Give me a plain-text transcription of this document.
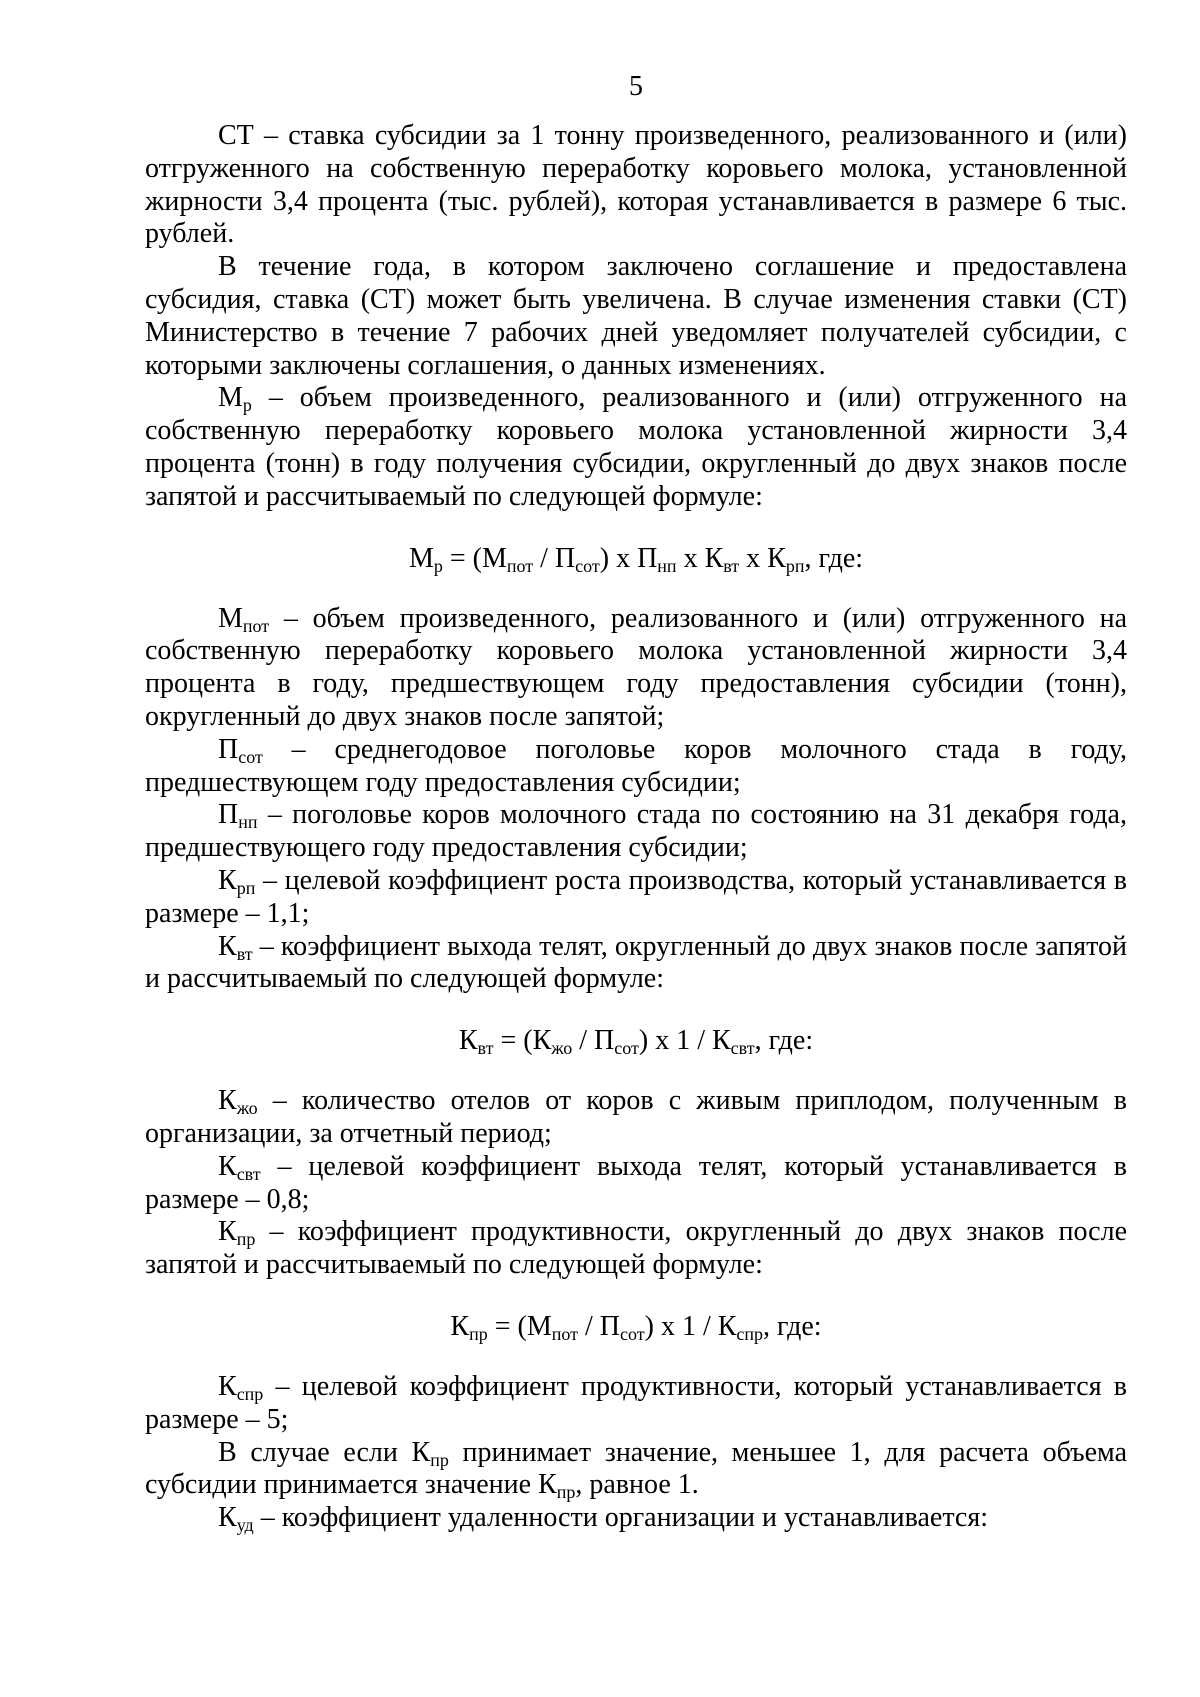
5

СТ – ставка субсидии за 1 тонну произведенного, реализованного и (или) отгруженного на собственную переработку коровьего молока, установленной жирности 3,4 процента (тыс. рублей), которая устанавливается в размере 6 тыс. рублей.

В течение года, в котором заключено соглашение и предоставлена субсидия, ставка (СТ) может быть увеличена. В случае изменения ставки (СТ) Министерство в течение 7 рабочих дней уведомляет получателей субсидии, с которыми заключены соглашения, о данных изменениях.

$М_р$ – объем произведенного, реализованного и (или) отгруженного на собственную переработку коровьего молока установленной жирности 3,4 процента (тонн) в году получения субсидии, округленный до двух знаков после запятой и рассчитываемый по следующей формуле:

$М_р = (М_{пот} / П_{сот})$ х $П_{нп}$ х $К_{вт}$ х $К_{рп}$, где:

$М_{пот}$ – объем произведенного, реализованного и (или) отгруженного на собственную переработку коровьего молока установленной жирности 3,4 процента в году, предшествующем году предоставления субсидии (тонн), округленный до двух знаков после запятой;

$П_{сот}$ – среднегодовое поголовье коров молочного стада в году, предшествующем году предоставления субсидии;

$П_{нп}$ – поголовье коров молочного стада по состоянию на 31 декабря года, предшествующего году предоставления субсидии;

$К_{рп}$ – целевой коэффициент роста производства, который устанавливается в размере – 1,1;

$К_{вт}$ – коэффициент выхода телят, округленный до двух знаков после запятой и рассчитываемый по следующей формуле:

$К_{вт} = (К_{жо} / П_{сот})$ х $1 / К_{свт}$, где:

$К_{жо}$ – количество отелов от коров с живым приплодом, полученным в организации, за отчетный период;

$К_{свт}$ – целевой коэффициент выхода телят, который устанавливается в размере – 0,8;

$К_{пр}$ – коэффициент продуктивности, округленный до двух знаков после запятой и рассчитываемый по следующей формуле:

$К_{пр} = (М_{пот} / П_{сот})$ х $1 / К_{спр}$, где:

$К_{спр}$ – целевой коэффициент продуктивности, который устанавливается в размере – 5;

В случае если $К_{пр}$ принимает значение, меньшее 1, для расчета объема субсидии принимается значение $К_{пр}$, равное 1.

$К_{уд}$ – коэффициент удаленности организации и устанавливается:
